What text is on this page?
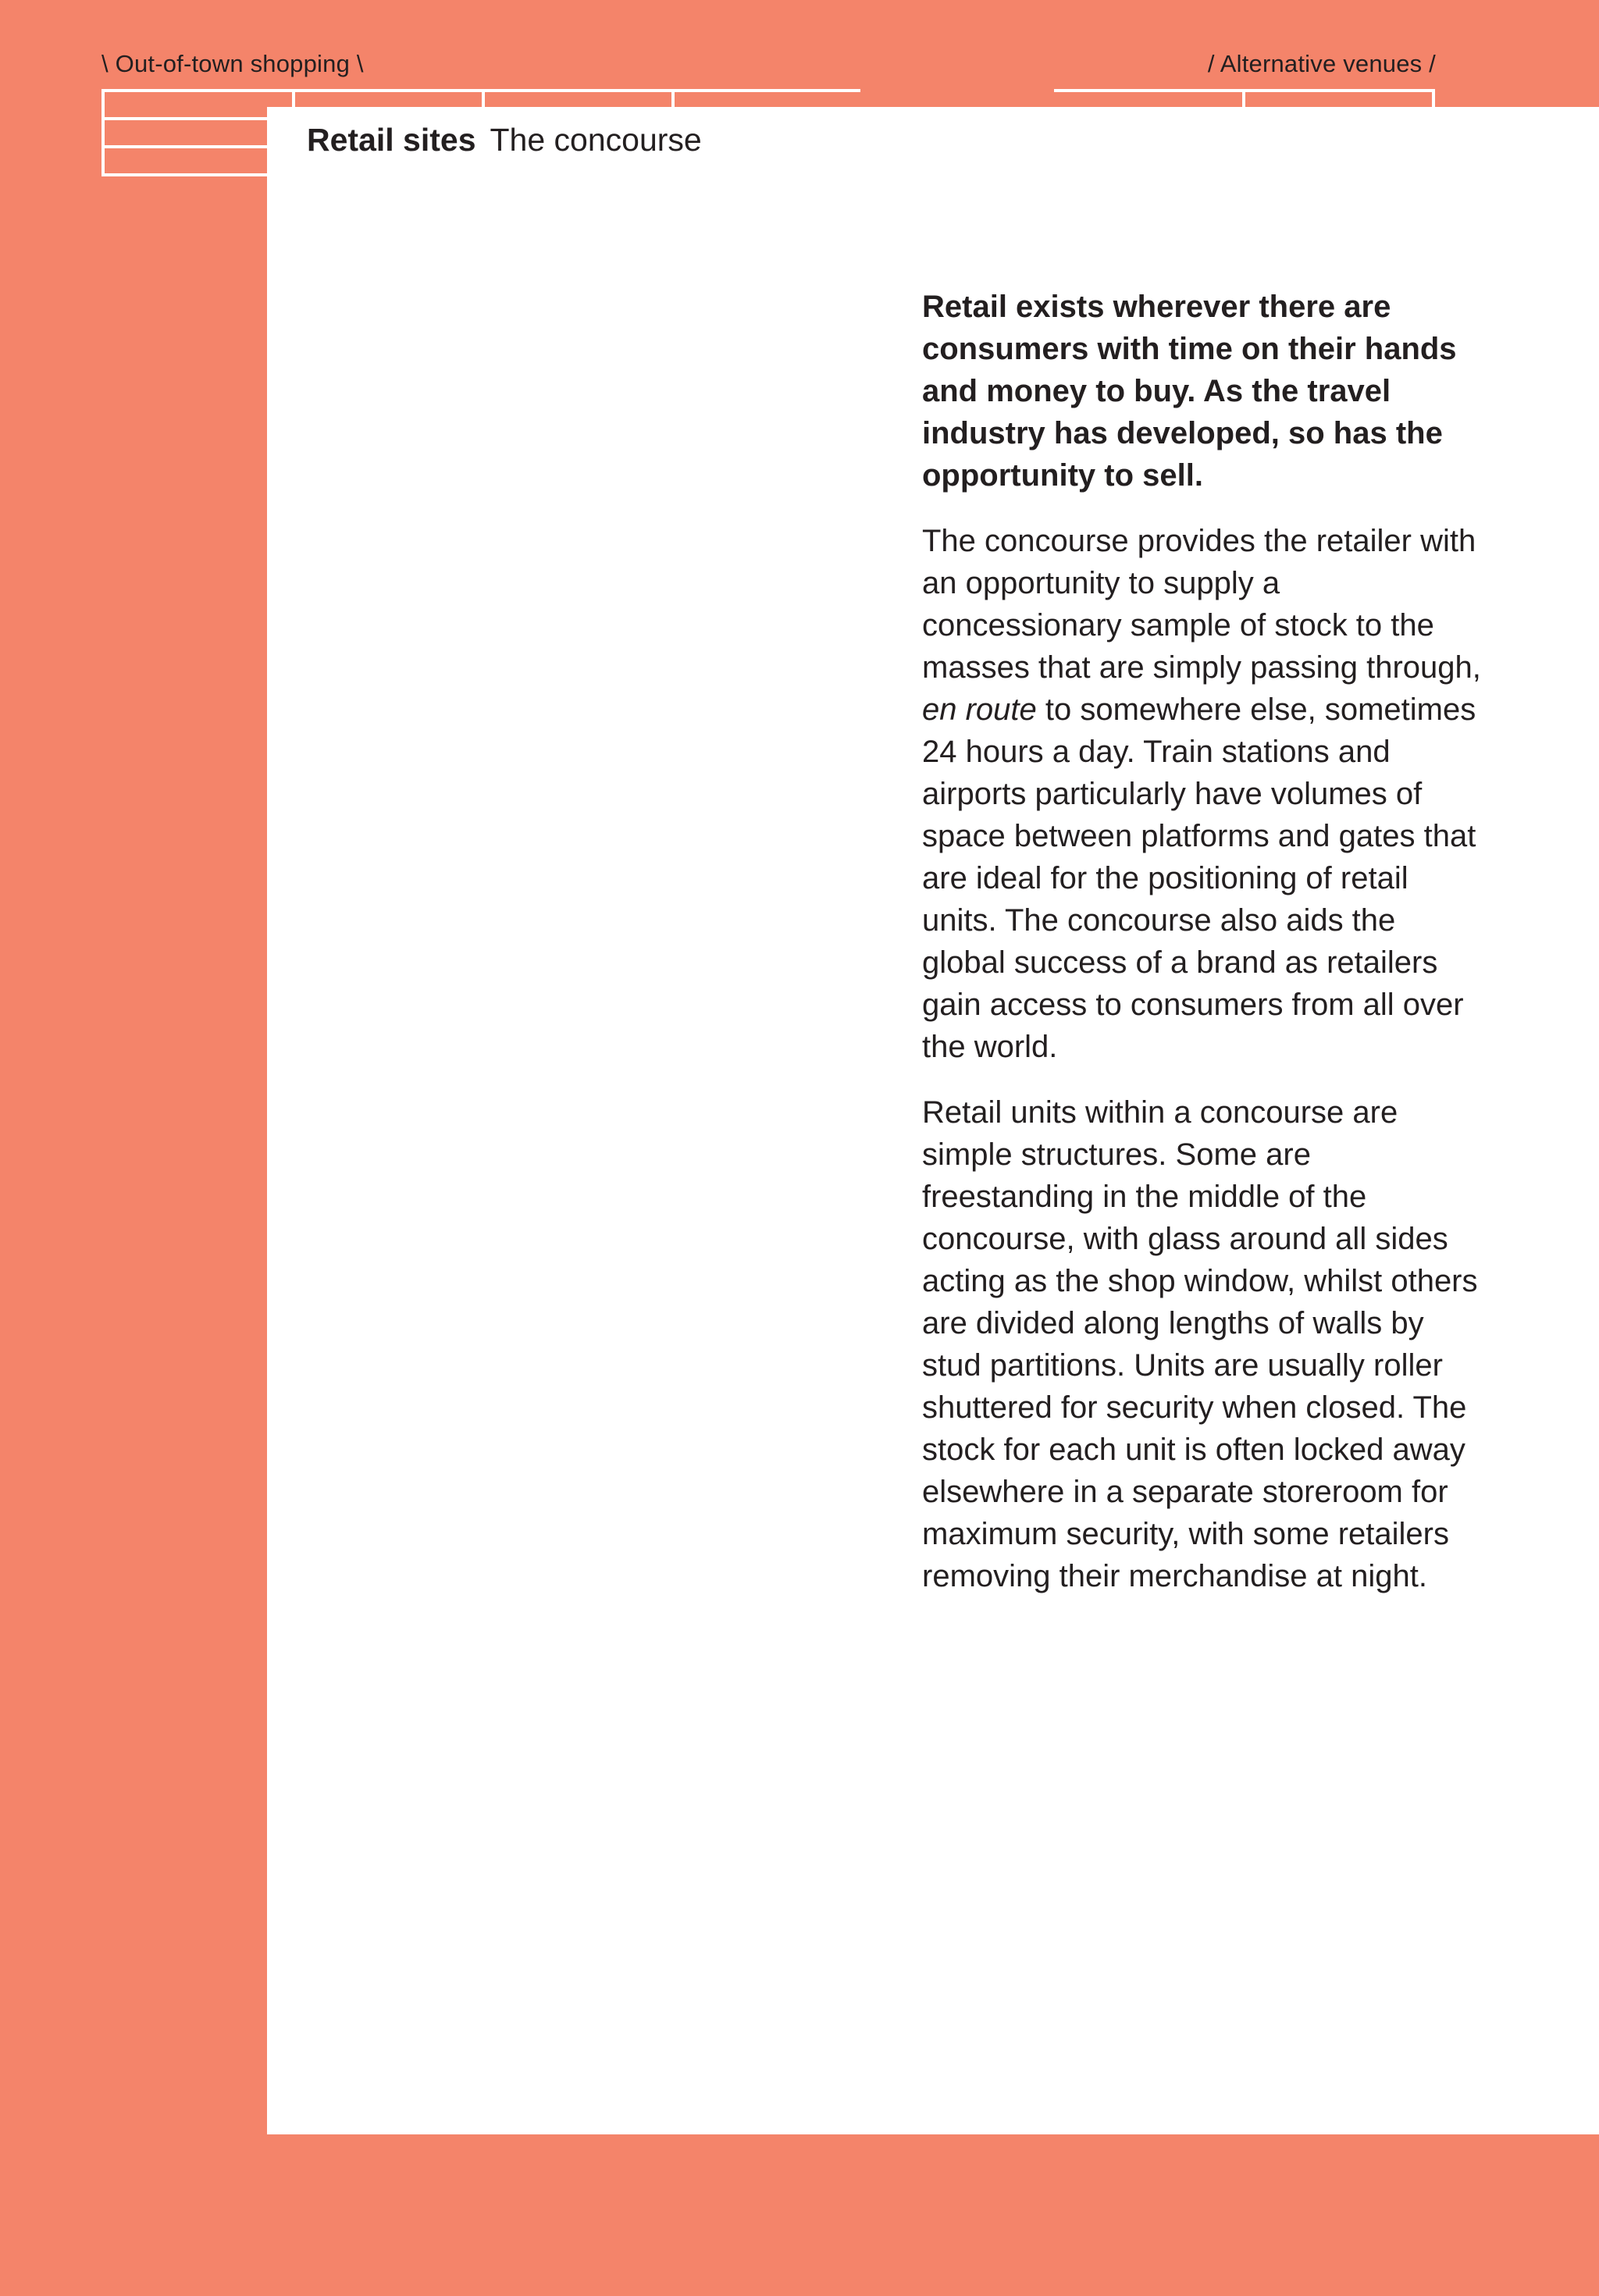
\ Out-of-town shopping \	/ Alternative venues /
Retail sites The concourse

Retail exists wherever there are consumers with time on their hands and money to buy. As the travel industry has developed, so has the opportunity to sell.

The concourse provides the retailer with an opportunity to supply a concessionary sample of stock to the masses that are simply passing through, en route to somewhere else, sometimes 24 hours a day. Train stations and airports particularly have volumes of space between platforms and gates that are ideal for the positioning of retail units. The concourse also aids the global success of a brand as retailers gain access to consumers from all over the world.

Retail units within a concourse are simple structures. Some are freestanding in the middle of the concourse, with glass around all sides acting as the shop window, whilst others are divided along lengths of walls by stud partitions. Units are usually roller shuttered for security when closed. The stock for each unit is often locked away elsewhere in a separate storeroom for maximum security, with some retailers removing their merchandise at night.
